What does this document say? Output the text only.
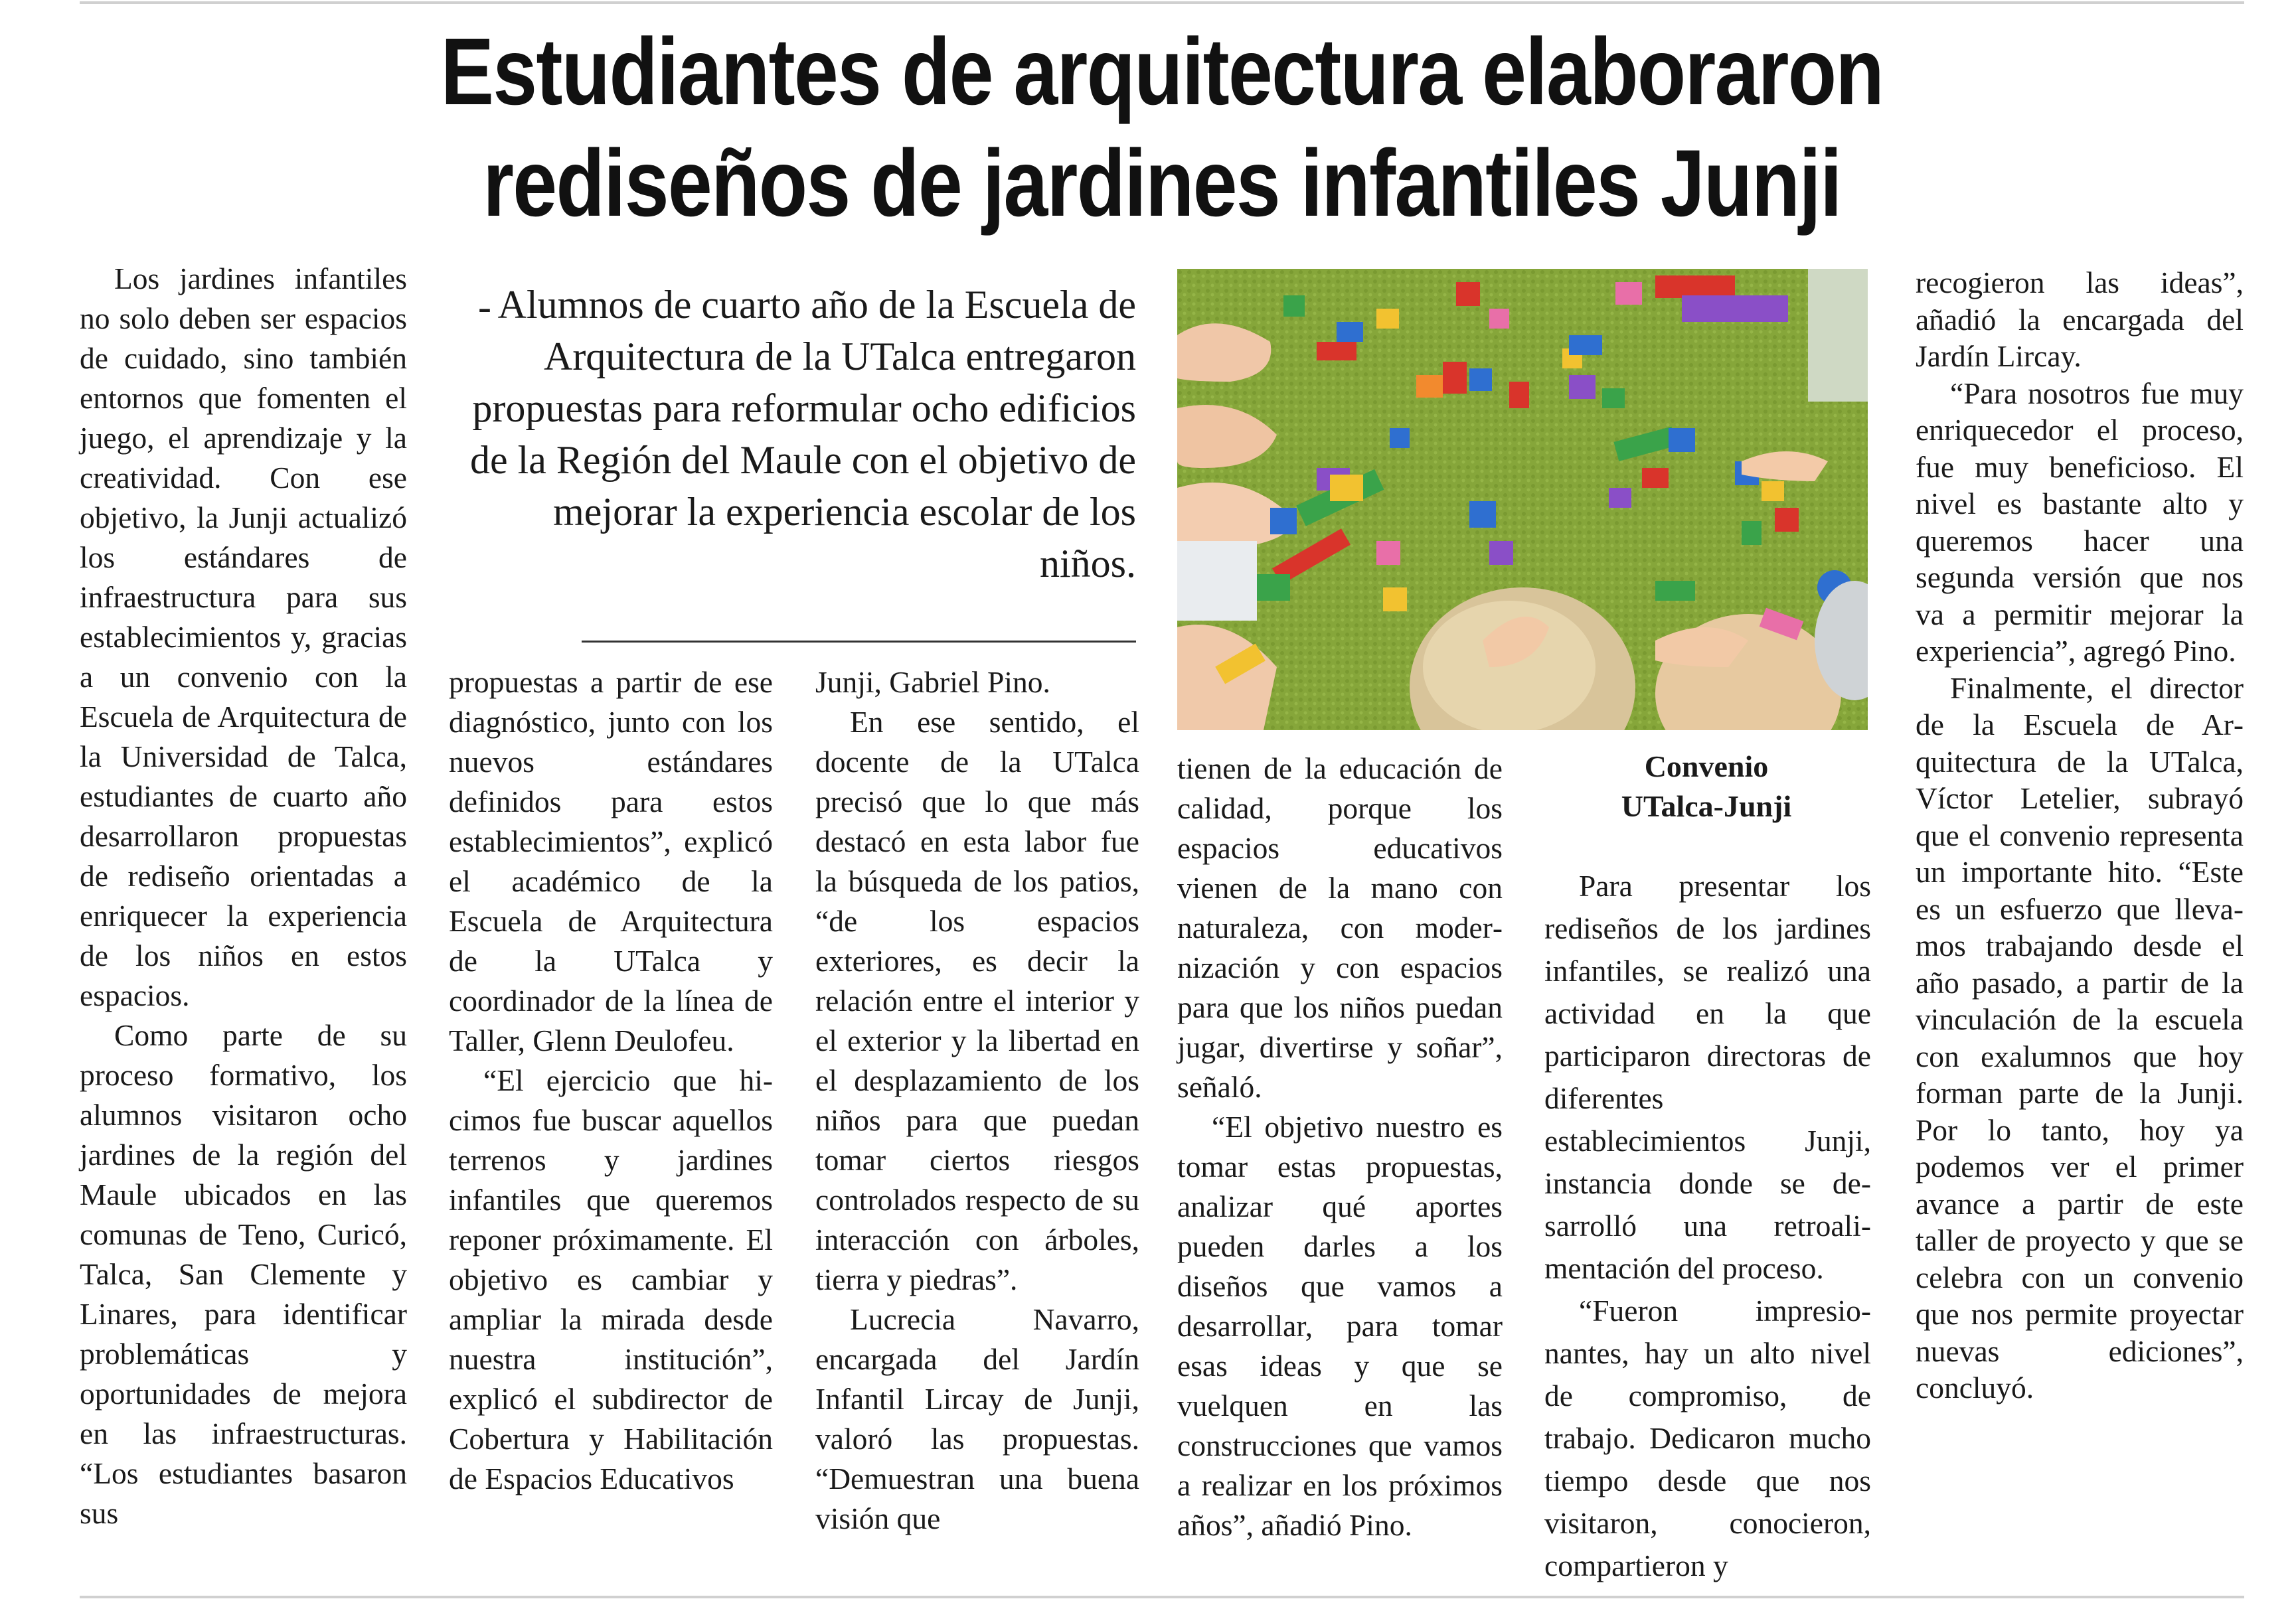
Estudiantes de arquitectura elaboraron
rediseños de jardines infantiles Junji

Los jardines infantiles no solo deben ser espacios de cuidado, sino también entornos que fomenten el juego, el aprendizaje y la creatividad. Con ese objetivo, la Junji actualizó los estándares de infraestructura para sus establecimientos y, gracias a un convenio con la Escuela de Arquitectura de la Universidad de Talca, estudiantes de cuarto año desarrollaron propuestas de rediseño orientadas a enriquecer la experiencia de los niños en estos espacios.

Como parte de su proceso formativo, los alumnos visitaron ocho jardines de la región del Maule ubicados en las comunas de Teno, Curicó, Talca, San Clemente y Linares, para identificar problemáticas y oportunidades de mejora en las infraestructuras. “Los estudiantes basaron sus

- Alumnos de cuarto año de la Escuela de Arquitectura de la UTalca entregaron propuestas para reformular ocho edificios de la Región del Maule con el objetivo de mejorar la experiencia escolar de los niños.

propuestas a partir de ese diagnóstico, junto con los nuevos estándares definidos para estos establecimientos”, explicó el académico de la Escuela de Arquitectura de la UTalca y coordinador de la línea de Taller, Glenn Deulofeu.

“El ejercicio que hicimos fue buscar aquellos terrenos y jardines infantiles que queremos reponer próximamente. El objetivo es cambiar y ampliar la mirada desde nuestra institución”, explicó el subdirector de Cobertura y Habilitación de Espacios Educativos

Junji, Gabriel Pino.

En ese sentido, el docente de la UTalca precisó que lo que más destacó en esta labor fue la búsqueda de los patios, “de los espacios exteriores, es decir la relación entre el interior y el exterior y la libertad en el desplazamiento de los niños para que puedan tomar ciertos riesgos controlados respecto de su interacción con árboles, tierra y piedras”.

Lucrecia Navarro, encargada del Jardín Infantil Lircay de Junji, valoró las propuestas. “Demuestran una buena visión que

tienen de la educación de calidad, porque los espacios educativos vienen de la mano con naturaleza, con modernización y con espacios para que los niños puedan jugar, divertirse y soñar”, señaló.

“El objetivo nuestro es tomar estas propuestas, analizar qué aportes pueden darles a los diseños que vamos a desarrollar, para tomar esas ideas y que se vuelquen en las construcciones que vamos a realizar en los próximos años”, añadió Pino.

Convenio
UTalca-Junji

Para presentar los rediseños de los jardines infantiles, se realizó una actividad en la que participaron directoras de diferentes establecimientos Junji, instancia donde se desarrolló una retroalimentación del proceso.

“Fueron impresionantes, hay un alto nivel de compromiso, de trabajo. Dedicaron mucho tiempo desde que nos visitaron, conocieron, compartieron y

recogieron las ideas”, añadió la encargada del Jardín Lircay.

“Para nosotros fue muy enriquecedor el proceso, fue muy beneficioso. El nivel es bastante alto y queremos hacer una segunda versión que nos va a permitir mejorar la experiencia”, agregó Pino.

Finalmente, el director de la Escuela de Arquitectura de la UTalca, Víctor Letelier, subrayó que el convenio representa un importante hito. “Este es un esfuerzo que llevamos trabajando desde el año pasado, a partir de la vinculación de la escuela con exalumnos que hoy forman parte de la Junji. Por lo tanto, hoy ya podemos ver el primer avance a partir de este taller de proyecto y que se celebra con un convenio que nos permite proyectar nuevas ediciones”, concluyó.
